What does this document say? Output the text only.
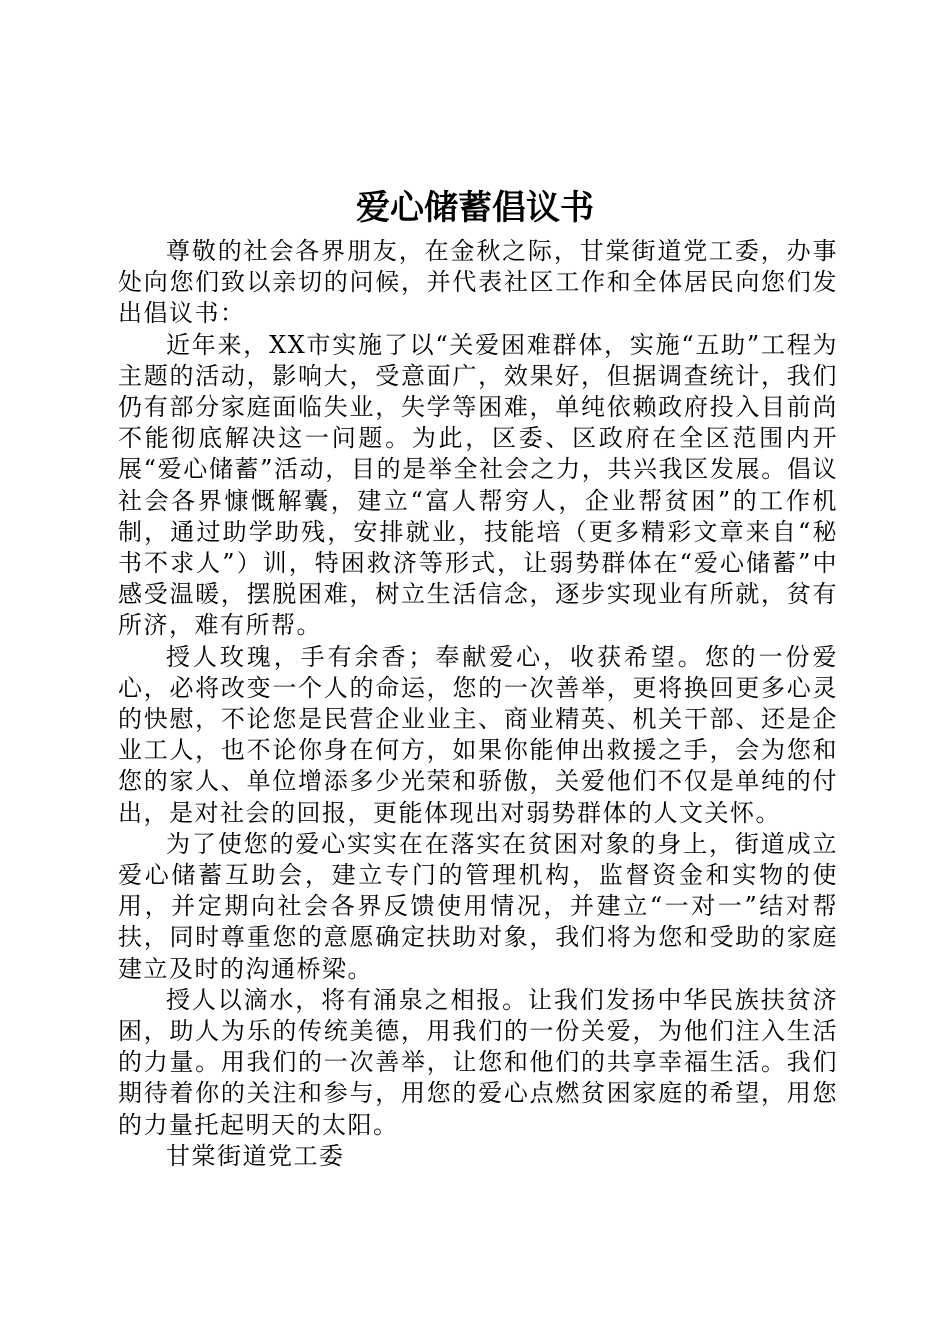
爱心储蓄倡议书

尊敬的社会各界朋友，在金秋之际，甘棠街道党工委，办事处向您们致以亲切的问候，并代表社区工作和全体居民向您们发出倡议书：

近年来，XX市实施了以“关爱困难群体，实施“五助”工程为主题的活动，影响大，受意面广，效果好，但据调查统计，我们仍有部分家庭面临失业，失学等困难，单纯依赖政府投入目前尚不能彻底解决这一问题。为此，区委、区政府在全区范围内开展“爱心储蓄”活动，目的是举全社会之力，共兴我区发展。倡议社会各界慷慨解囊，建立“富人帮穷人，企业帮贫困”的工作机制，通过助学助残，安排就业，技能培（更多精彩文章来自“秘书不求人”）训，特困救济等形式，让弱势群体在“爱心储蓄”中感受温暖，摆脱困难，树立生活信念，逐步实现业有所就，贫有所济，难有所帮。

授人玫瑰，手有余香；奉献爱心，收获希望。您的一份爱心，必将改变一个人的命运，您的一次善举，更将换回更多心灵的快慰，不论您是民营企业业主、商业精英、机关干部、还是企业工人，也不论你身在何方，如果你能伸出救援之手，会为您和您的家人、单位增添多少光荣和骄傲，关爱他们不仅是单纯的付出，是对社会的回报，更能体现出对弱势群体的人文关怀。

为了使您的爱心实实在在落实在贫困对象的身上，街道成立爱心储蓄互助会，建立专门的管理机构，监督资金和实物的使用，并定期向社会各界反馈使用情况，并建立“一对一”结对帮扶，同时尊重您的意愿确定扶助对象，我们将为您和受助的家庭建立及时的沟通桥梁。

授人以滴水，将有涌泉之相报。让我们发扬中华民族扶贫济困，助人为乐的传统美德，用我们的一份关爱，为他们注入生活的力量。用我们的一次善举，让您和他们的共享幸福生活。我们期待着你的关注和参与，用您的爱心点燃贫困家庭的希望，用您的力量托起明天的太阳。

甘棠街道党工委
